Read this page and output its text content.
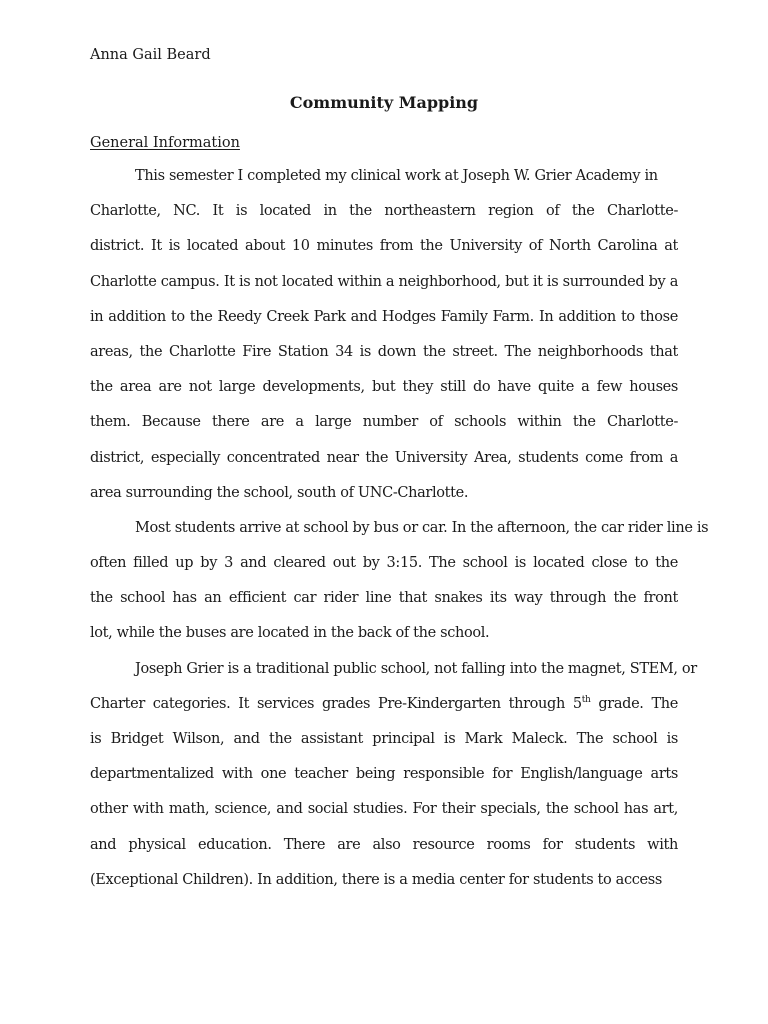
Anna Gail Beard
Community Mapping
General Information
This semester I completed my clinical work at Joseph W. Grier Academy in
Charlotte, NC. It is located in the northeastern region of the Charlotte-
district. It is located about 10 minutes from the University of North Carolina at
Charlotte campus. It is not located within a neighborhood, but it is surrounded by a
in addition to the Reedy Creek Park and Hodges Family Farm. In addition to those
areas, the Charlotte Fire Station 34 is down the street. The neighborhoods that
the area are not large developments, but they still do have quite a few houses
them. Because there are a large number of schools within the Charlotte-
district, especially concentrated near the University Area, students come from a
area surrounding the school, south of UNC-Charlotte.
Most students arrive at school by bus or car. In the afternoon, the car rider line is
often filled up by 3 and cleared out by 3:15. The school is located close to the
the school has an efficient car rider line that snakes its way through the front
lot, while the buses are located in the back of the school.
Joseph Grier is a traditional public school, not falling into the magnet, STEM, or
Charter categories. It services grades Pre-Kindergarten through 5th grade. The
is Bridget Wilson, and the assistant principal is Mark Maleck. The school is
departmentalized with one teacher being responsible for English/language arts
other with math, science, and social studies. For their specials, the school has art,
and physical education. There are also resource rooms for students with
(Exceptional Children). In addition, there is a media center for students to access
